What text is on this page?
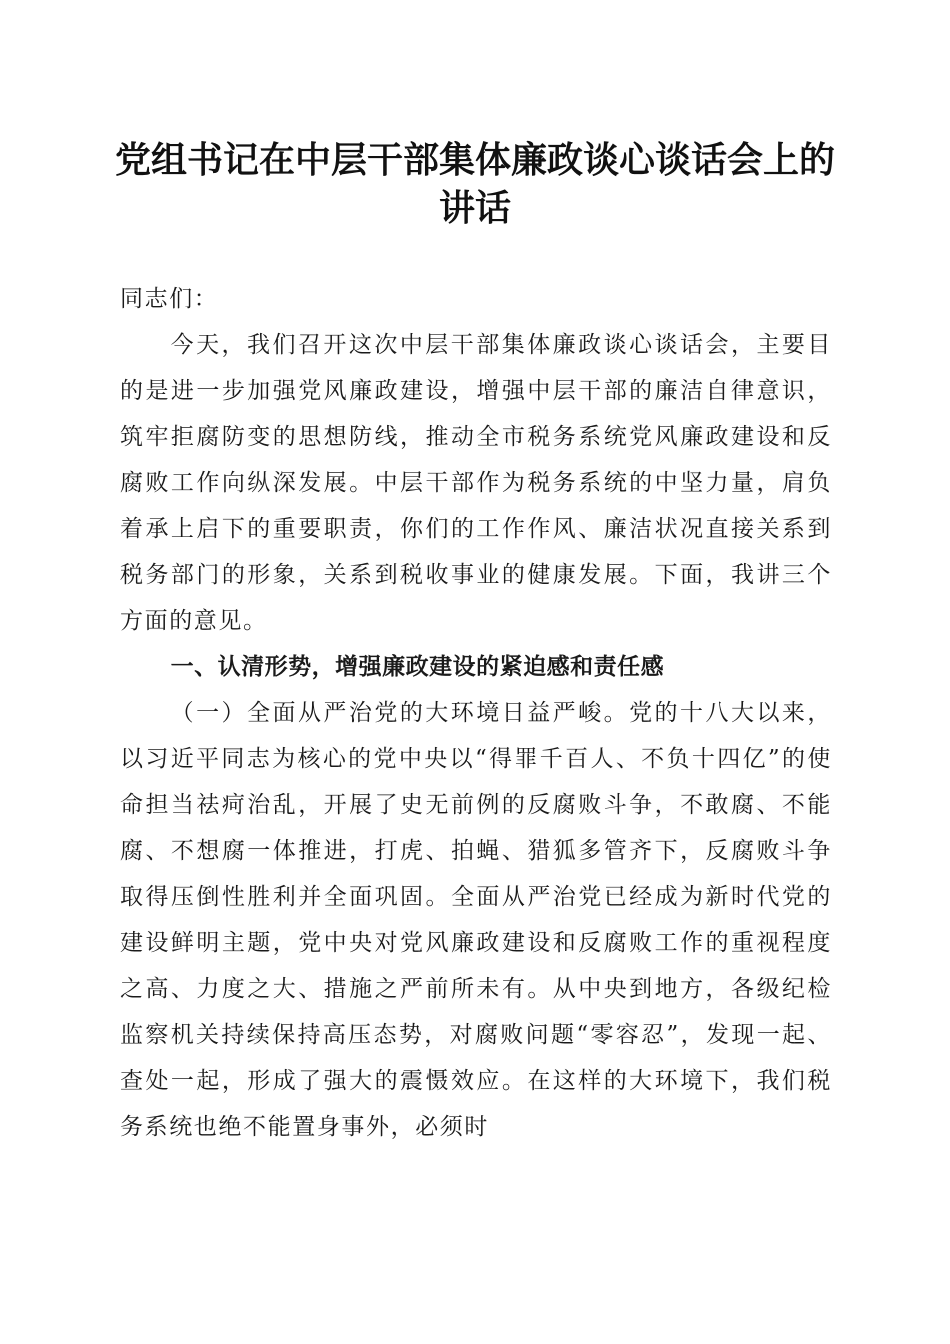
党组书记在中层干部集体廉政谈心谈话会上的讲话

同志们：

今天，我们召开这次中层干部集体廉政谈心谈话会，主要目的是进一步加强党风廉政建设，增强中层干部的廉洁自律意识，筑牢拒腐防变的思想防线，推动全市税务系统党风廉政建设和反腐败工作向纵深发展。中层干部作为税务系统的中坚力量，肩负着承上启下的重要职责，你们的工作作风、廉洁状况直接关系到税务部门的形象，关系到税收事业的健康发展。下面，我讲三个方面的意见。

一、认清形势，增强廉政建设的紧迫感和责任感

（一）全面从严治党的大环境日益严峻。党的十八大以来，以习近平同志为核心的党中央以“得罪千百人、不负十四亿”的使命担当祛疴治乱，开展了史无前例的反腐败斗争，不敢腐、不能腐、不想腐一体推进，打虎、拍蝇、猎狐多管齐下，反腐败斗争取得压倒性胜利并全面巩固。全面从严治党已经成为新时代党的建设鲜明主题，党中央对党风廉政建设和反腐败工作的重视程度之高、力度之大、措施之严前所未有。从中央到地方，各级纪检监察机关持续保持高压态势，对腐败问题“零容忍”，发现一起、查处一起，形成了强大的震慑效应。在这样的大环境下，我们税务系统也绝不能置身事外，必须时
